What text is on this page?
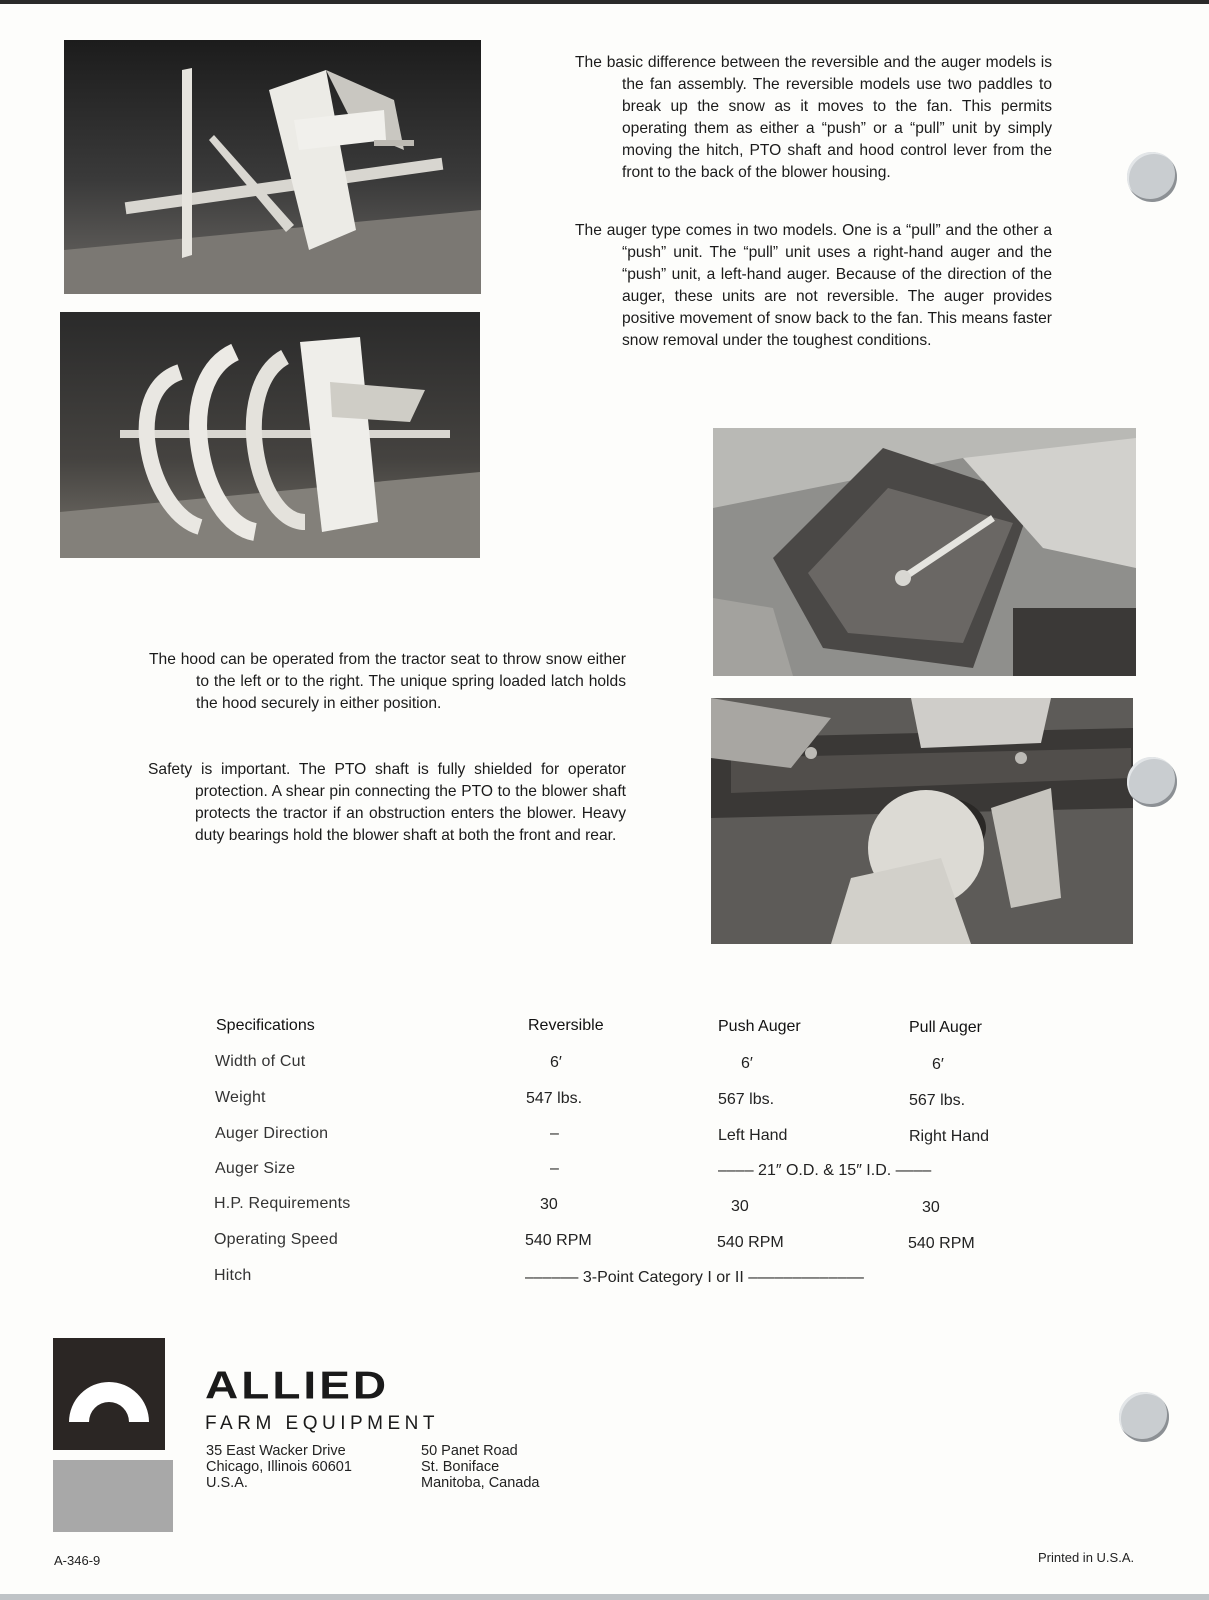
The basic difference between the reversible and the auger models is the fan assembly. The reversible models use two paddles to break up the snow as it moves to the fan. This permits operating them as either a “push” or a “pull” unit by simply moving the hitch, PTO shaft and hood control lever from the front to the back of the blower housing.

The auger type comes in two models. One is a “pull” and the other a “push” unit. The “pull” unit uses a right-hand auger and the “push” unit, a left-hand auger. Because of the direction of the auger, these units are not reversible. The auger provides positive movement of snow back to the fan. This means faster snow removal under the toughest conditions.

The hood can be operated from the tractor seat to throw snow either to the left or to the right. The unique spring loaded latch holds the hood securely in either position.

Safety is important. The PTO shaft is fully shielded for operator protection. A shear pin connecting the PTO to the blower shaft protects the tractor if an obstruction enters the blower. Heavy duty bearings hold the blower shaft at both the front and rear.

Specifications	Reversible	Push Auger	Pull Auger
Width of Cut	6′	6′	6′
Weight	547 lbs.	567 lbs.	567 lbs.
Auger Direction	–	Left Hand	Right Hand
Auger Size	–	–––– 21″ O.D. & 15″ I.D. ––––
H.P. Requirements	30	30	30
Operating Speed	540 RPM	540 RPM	540 RPM
Hitch	–––––– 3-Point Category I or II –––––––––––––
ALLIED
FARM EQUIPMENT
35 East Wacker Drive
Chicago, Illinois 60601
U.S.A.
50 Panet Road
St. Boniface
Manitoba, Canada
A-346-9	Printed in U.S.A.
